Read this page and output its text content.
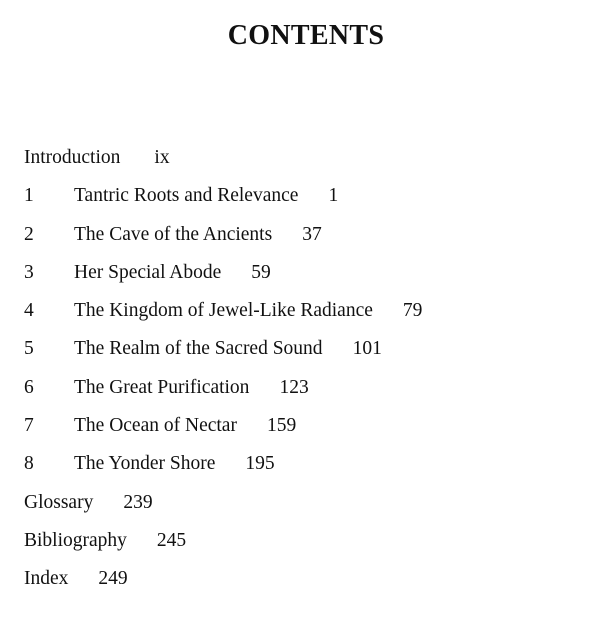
CONTENTS
Introduction ix
1 Tantric Roots and Relevance 1
2 The Cave of the Ancients 37
3 Her Special Abode 59
4 The Kingdom of Jewel-Like Radiance 79
5 The Realm of the Sacred Sound 101
6 The Great Purification 123
7 The Ocean of Nectar 159
8 The Yonder Shore 195
Glossary 239
Bibliography 245
Index 249
